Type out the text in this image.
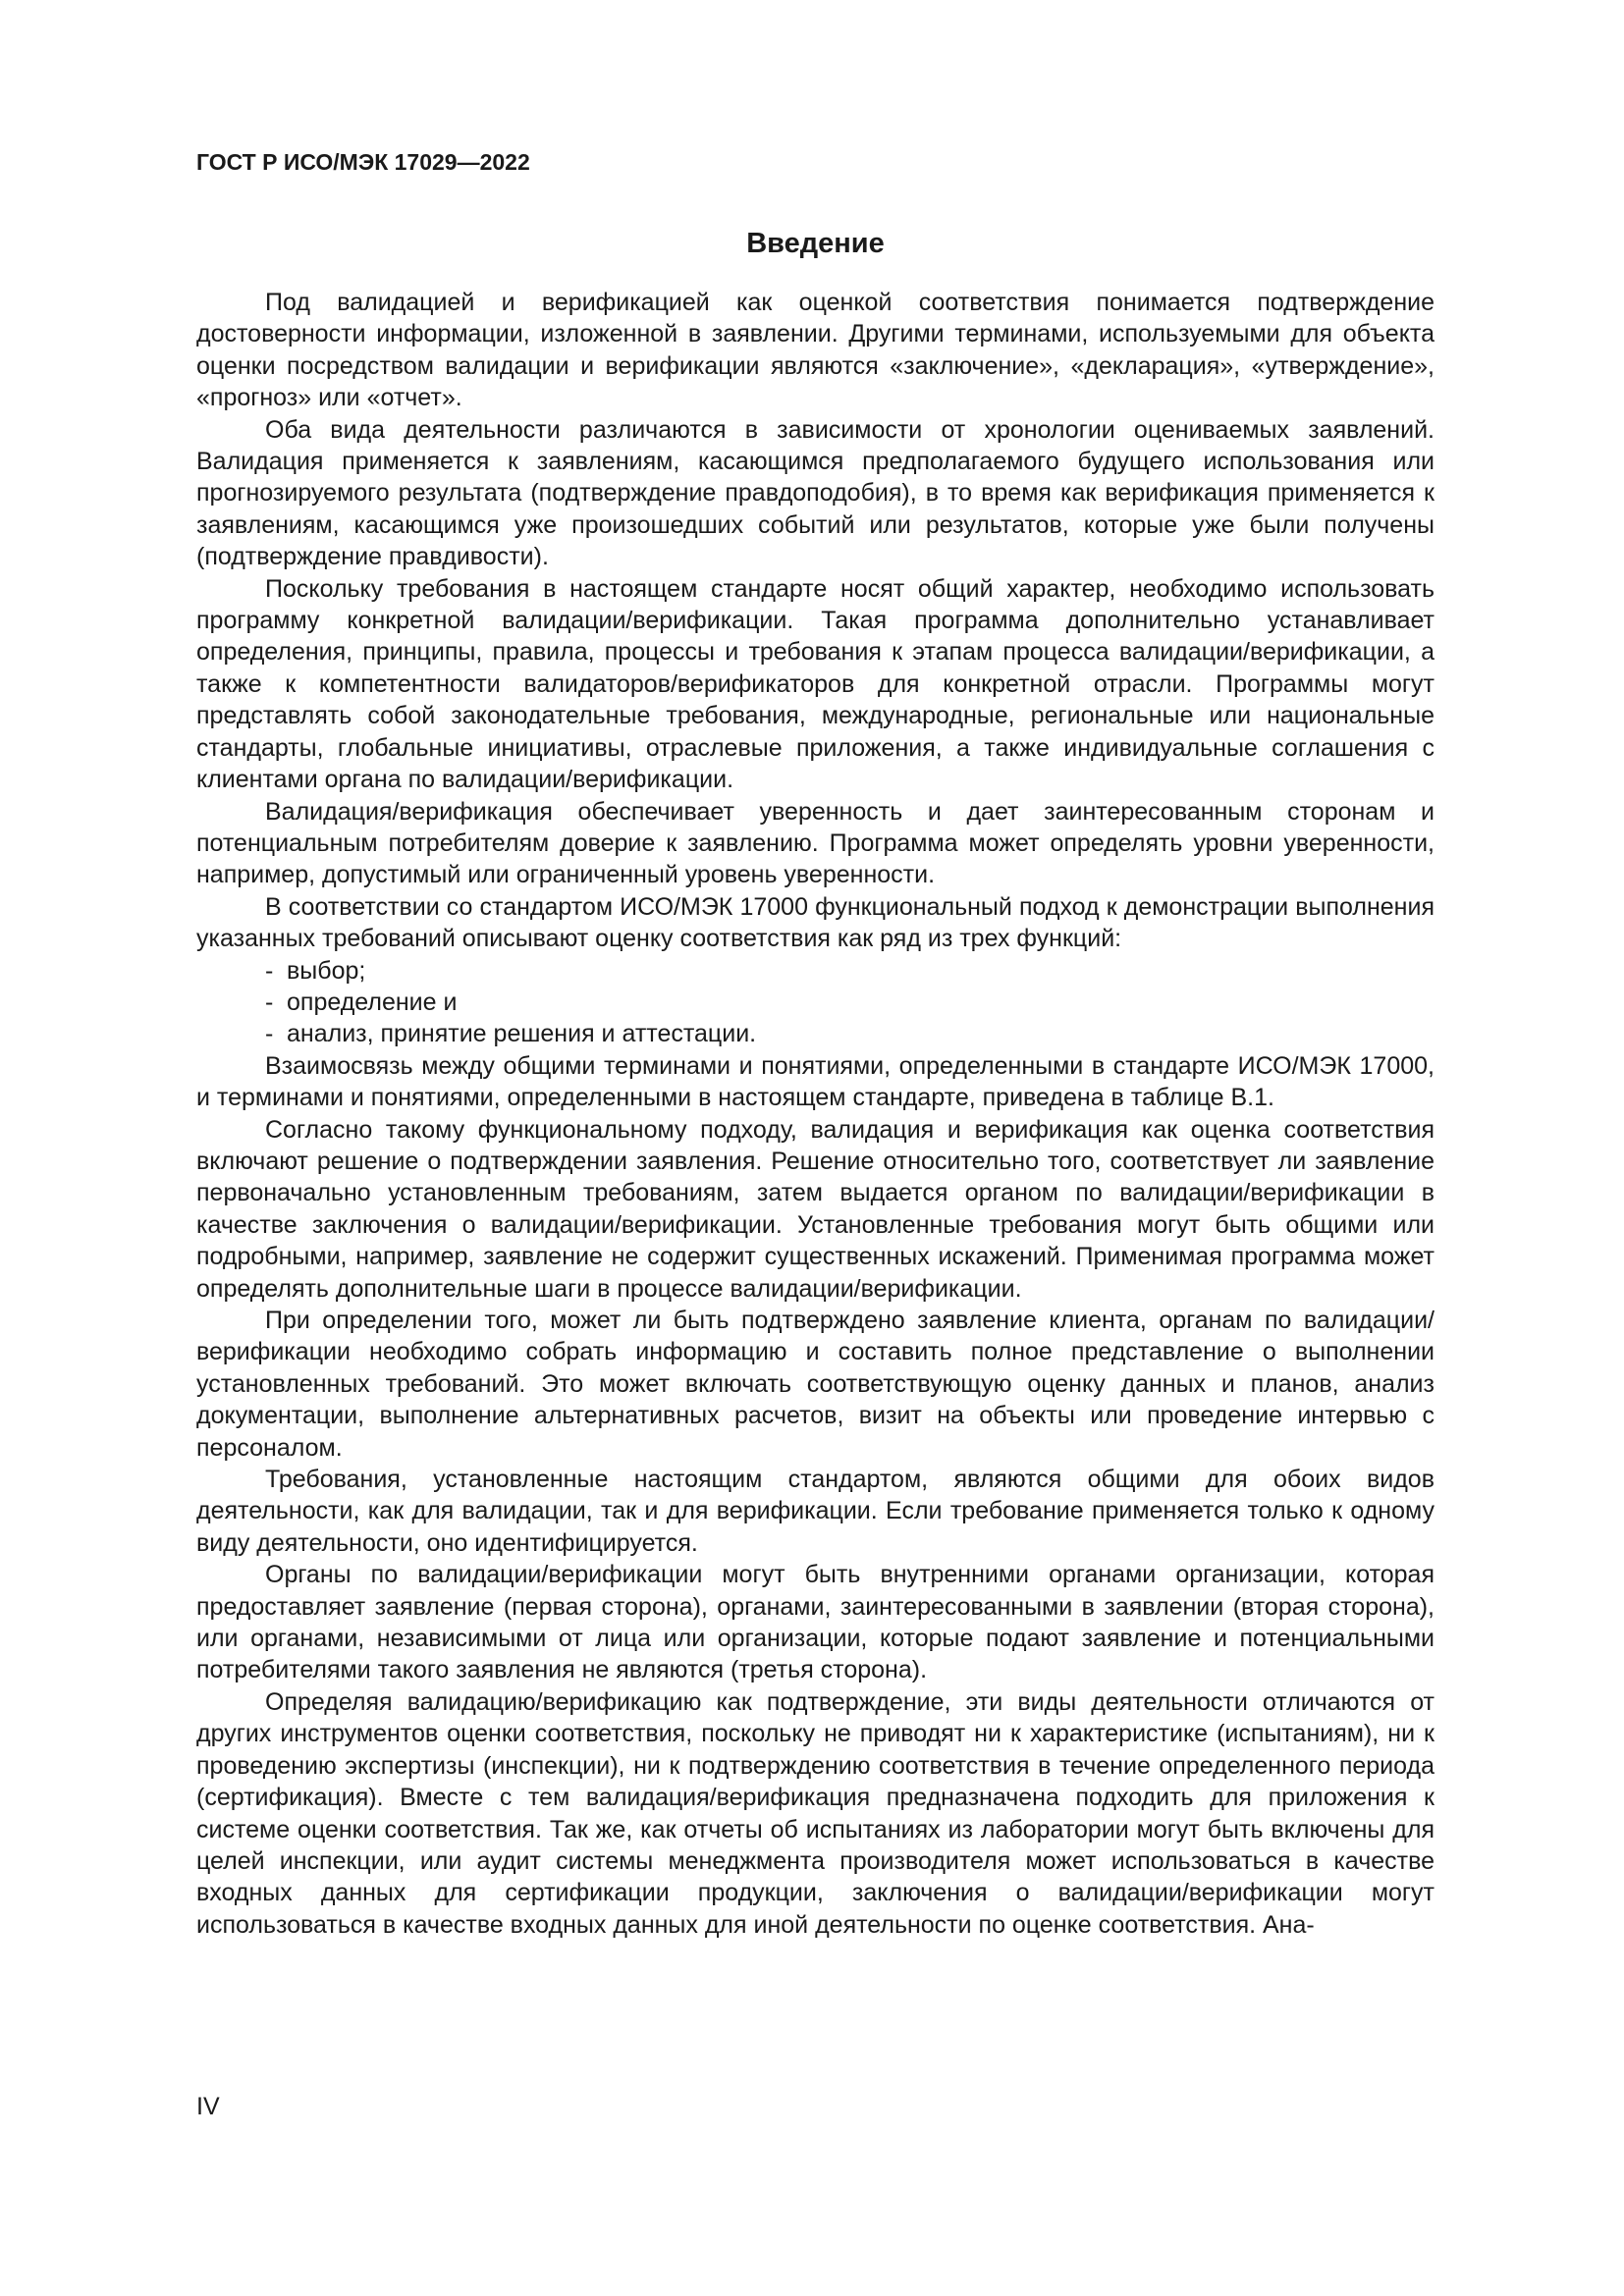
ГОСТ Р ИСО/МЭК 17029—2022
Введение

Под валидацией и верификацией как оценкой соответствия понимается подтверждение достоверности информации, изложенной в заявлении. Другими терминами, используемыми для объекта оценки посредством валидации и верификации являются «заключение», «декларация», «утверждение», «прогноз» или «отчет».

Оба вида деятельности различаются в зависимости от хронологии оцениваемых заявлений. Валидация применяется к заявлениям, касающимся предполагаемого будущего использования или прогнозируемого результата (подтверждение правдоподобия), в то время как верификация применяется к заявлениям, касающимся уже произошедших событий или результатов, которые уже были получены (подтверждение правдивости).

Поскольку требования в настоящем стандарте носят общий характер, необходимо использовать программу конкретной валидации/верификации. Такая программа дополнительно устанавливает определения, принципы, правила, процессы и требования к этапам процесса валидации/верификации, а также к компетентности валидаторов/верификаторов для конкретной отрасли. Программы могут представлять собой законодательные требования, международные, региональные или национальные стандарты, глобальные инициативы, отраслевые приложения, а также индивидуальные соглашения с клиентами органа по валидации/верификации.

Валидация/верификация обеспечивает уверенность и дает заинтересованным сторонам и потенциальным потребителям доверие к заявлению. Программа может определять уровни уверенности, например, допустимый или ограниченный уровень уверенности.

В соответствии со стандартом ИСО/МЭК 17000 функциональный подход к демонстрации выполнения указанных требований описывают оценку соответствия как ряд из трех функций:

- выбор;
- определение и
- анализ, принятие решения и аттестации.

Взаимосвязь между общими терминами и понятиями, определенными в стандарте ИСО/МЭК 17000, и терминами и понятиями, определенными в настоящем стандарте, приведена в таблице В.1.

Согласно такому функциональному подходу, валидация и верификация как оценка соответствия включают решение о подтверждении заявления. Решение относительно того, соответствует ли заявление первоначально установленным требованиям, затем выдается органом по валидации/верификации в качестве заключения о валидации/верификации. Установленные требования могут быть общими или подробными, например, заявление не содержит существенных искажений. Применимая программа может определять дополнительные шаги в процессе валидации/верификации.

При определении того, может ли быть подтверждено заявление клиента, органам по валидации/верификации необходимо собрать информацию и составить полное представление о выполнении установленных требований. Это может включать соответствующую оценку данных и планов, анализ документации, выполнение альтернативных расчетов, визит на объекты или проведение интервью с персоналом.

Требования, установленные настоящим стандартом, являются общими для обоих видов деятельности, как для валидации, так и для верификации. Если требование применяется только к одному виду деятельности, оно идентифицируется.

Органы по валидации/верификации могут быть внутренними органами организации, которая предоставляет заявление (первая сторона), органами, заинтересованными в заявлении (вторая сторона), или органами, независимыми от лица или организации, которые подают заявление и потенциальными потребителями такого заявления не являются (третья сторона).

Определяя валидацию/верификацию как подтверждение, эти виды деятельности отличаются от других инструментов оценки соответствия, поскольку не приводят ни к характеристике (испытаниям), ни к проведению экспертизы (инспекции), ни к подтверждению соответствия в течение определенного периода (сертификация). Вместе с тем валидация/верификация предназначена подходить для приложения к системе оценки соответствия. Так же, как отчеты об испытаниях из лаборатории могут быть включены для целей инспекции, или аудит системы менеджмента производителя может использоваться в качестве входных данных для сертификации продукции, заключения о валидации/верификации могут использоваться в качестве входных данных для иной деятельности по оценке соответствия. Ана-

IV
